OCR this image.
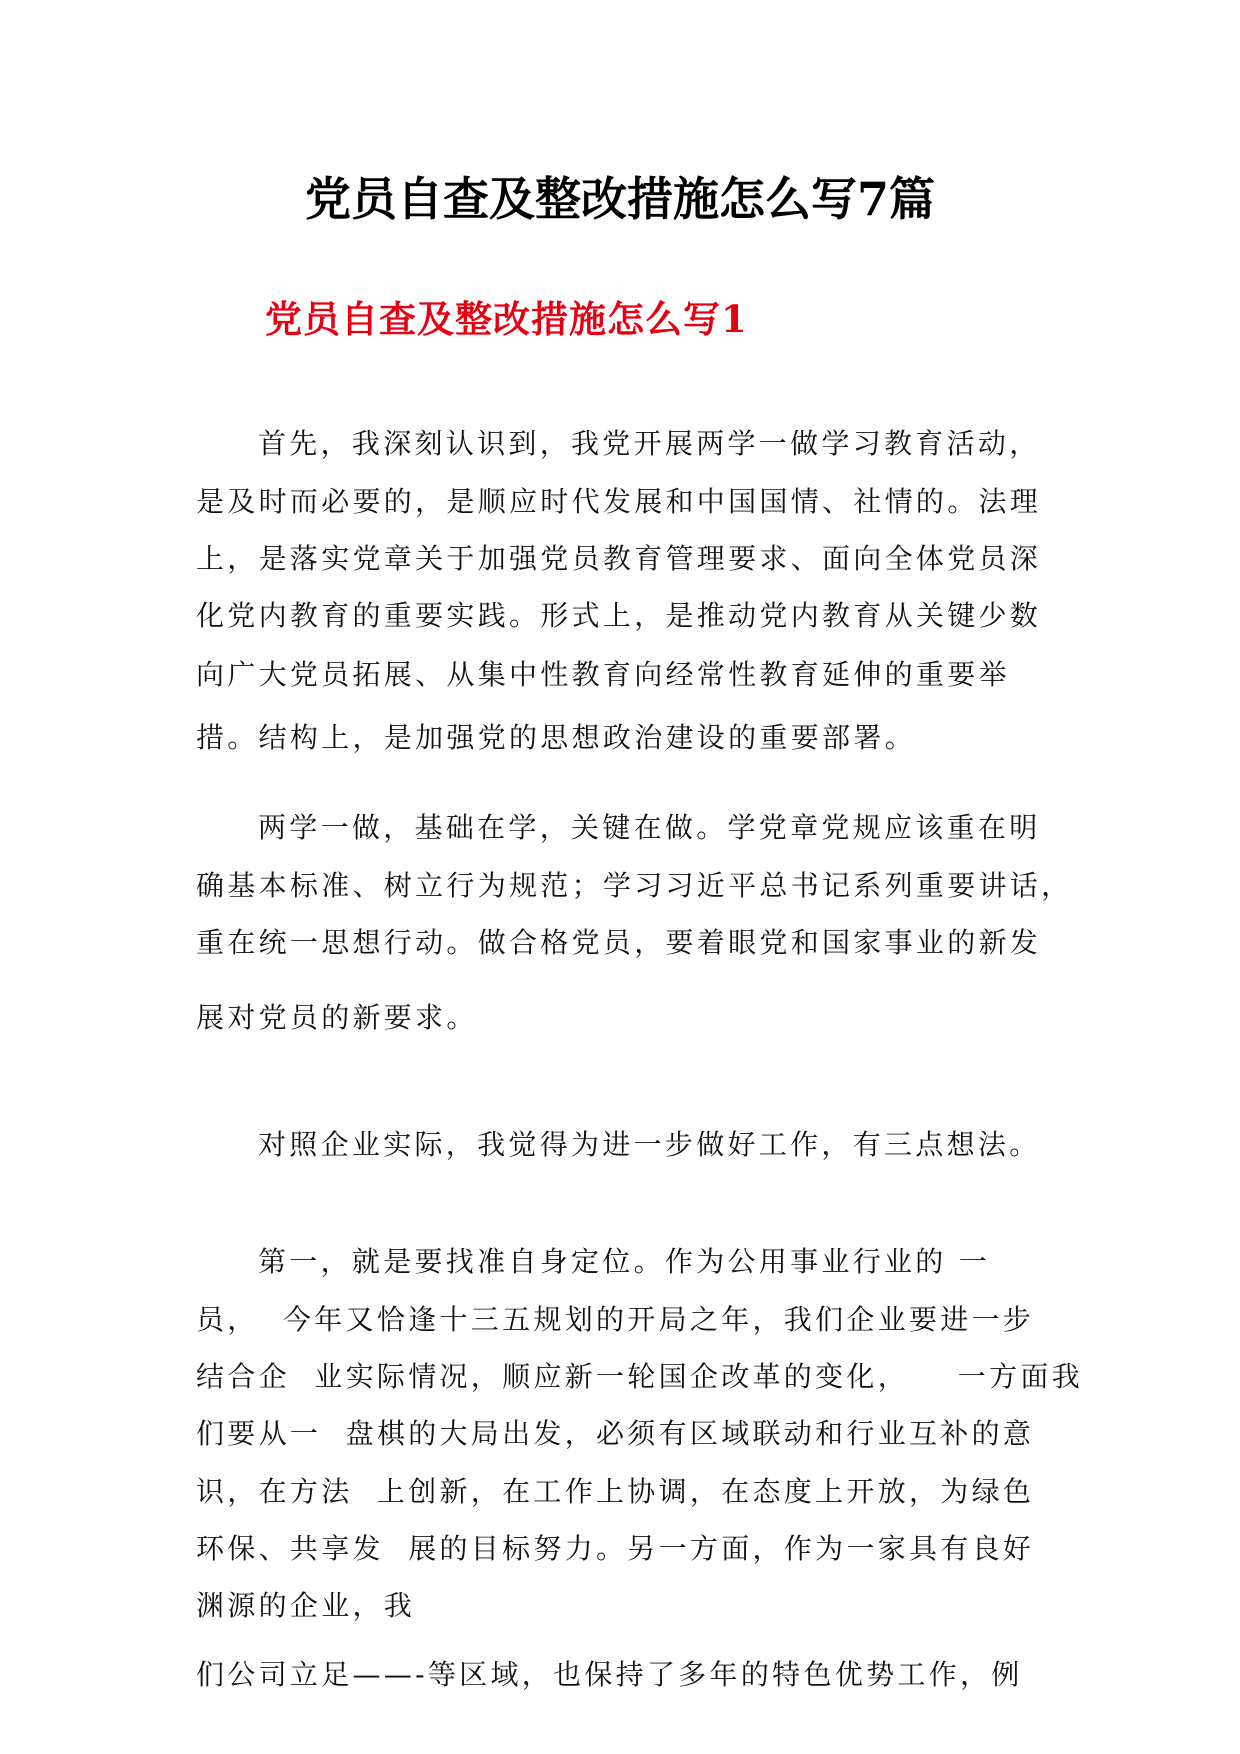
党员自查及整改措施怎么写7篇
党员自查及整改措施怎么写1
首先，我深刻认识到，我党开展两学一做学习教育活动，
是及时而必要的，是顺应时代发展和中国国情、社情的。法理
上，是落实党章关于加强党员教育管理要求、面向全体党员深
化党内教育的重要实践。形式上，是推动党内教育从关键少数
向广大党员拓展、从集中性教育向经常性教育延伸的重要举
措。结构上，是加强党的思想政治建设的重要部署。
两学一做，基础在学，关键在做。学党章党规应该重在明
确基本标准、树立行为规范；学习习近平总书记系列重要讲话，
重在统一思想行动。做合格党员，要着眼党和国家事业的新发
展对党员的新要求。
对照企业实际，我觉得为进一步做好工作，有三点想法。
第一，就是要找准自身定位。作为公用事业行业的 一
员，  今年又恰逢十三五规划的开局之年，我们企业要进一步
结合企  业实际情况，顺应新一轮国企改革的变化，    一方面我
们要从一  盘棋的大局出发，必须有区域联动和行业互补的意
识，在方法  上创新，在工作上协调，在态度上开放，为绿色
环保、共享发  展的目标努力。另一方面，作为一家具有良好
渊源的企业，我
们公司立足——-等区域，也保持了多年的特色优势工作，例
